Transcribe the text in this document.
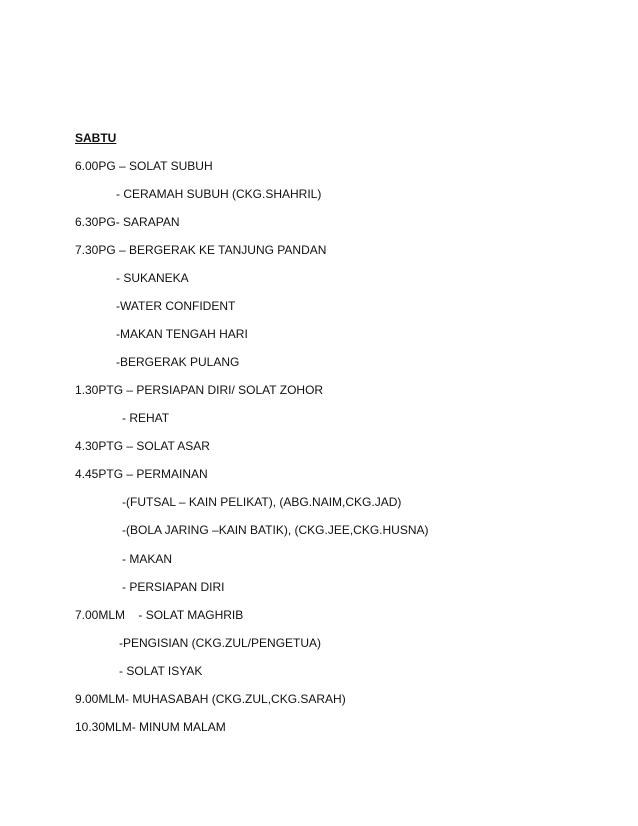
SABTU
6.00PG – SOLAT SUBUH
- CERAMAH SUBUH (CKG.SHAHRIL)
6.30PG- SARAPAN
7.30PG – BERGERAK KE TANJUNG PANDAN
- SUKANEKA
-WATER CONFIDENT
-MAKAN TENGAH HARI
-BERGERAK PULANG
1.30PTG – PERSIAPAN DIRI/ SOLAT ZOHOR
- REHAT
4.30PTG – SOLAT ASAR
4.45PTG – PERMAINAN
-(FUTSAL – KAIN PELIKAT), (ABG.NAIM,CKG.JAD)
-(BOLA JARING –KAIN BATIK), (CKG.JEE,CKG.HUSNA)
- MAKAN
- PERSIAPAN DIRI
7.00MLM    - SOLAT MAGHRIB
-PENGISIAN (CKG.ZUL/PENGETUA)
- SOLAT ISYAK
9.00MLM- MUHASABAH (CKG.ZUL,CKG.SARAH)
10.30MLM- MINUM MALAM
